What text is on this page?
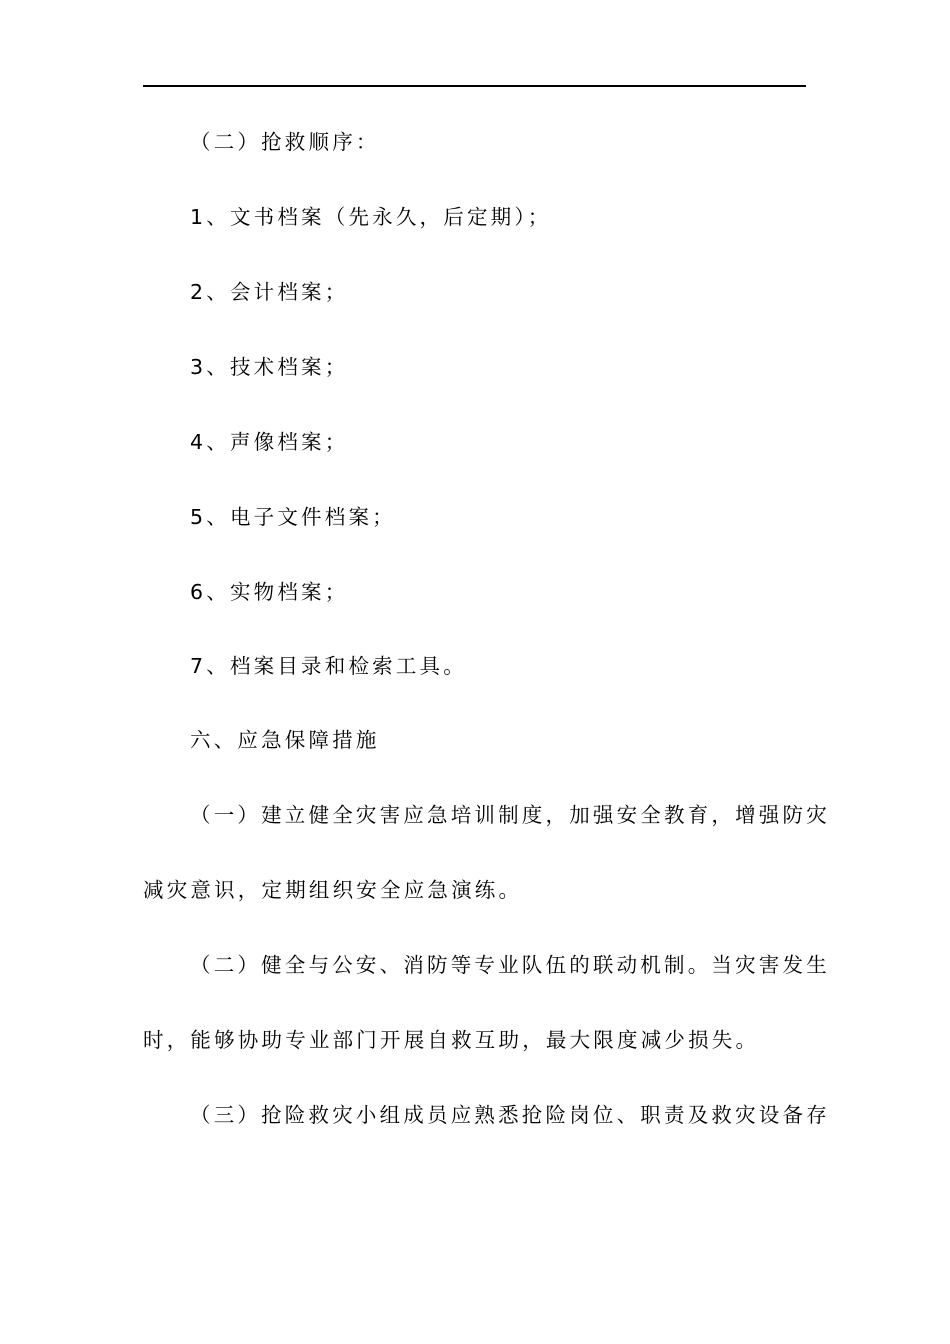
（二）抢救顺序：
1、文书档案（先永久，后定期）；
2、会计档案；
3、技术档案；
4、声像档案；
5、电子文件档案；
6、实物档案；
7、档案目录和检索工具。
六、应急保障措施
（一）建立健全灾害应急培训制度，加强安全教育，增强防灾
减灾意识，定期组织安全应急演练。
（二）健全与公安、消防等专业队伍的联动机制。当灾害发生
时，能够协助专业部门开展自救互助，最大限度减少损失。
（三）抢险救灾小组成员应熟悉抢险岗位、职责及救灾设备存
